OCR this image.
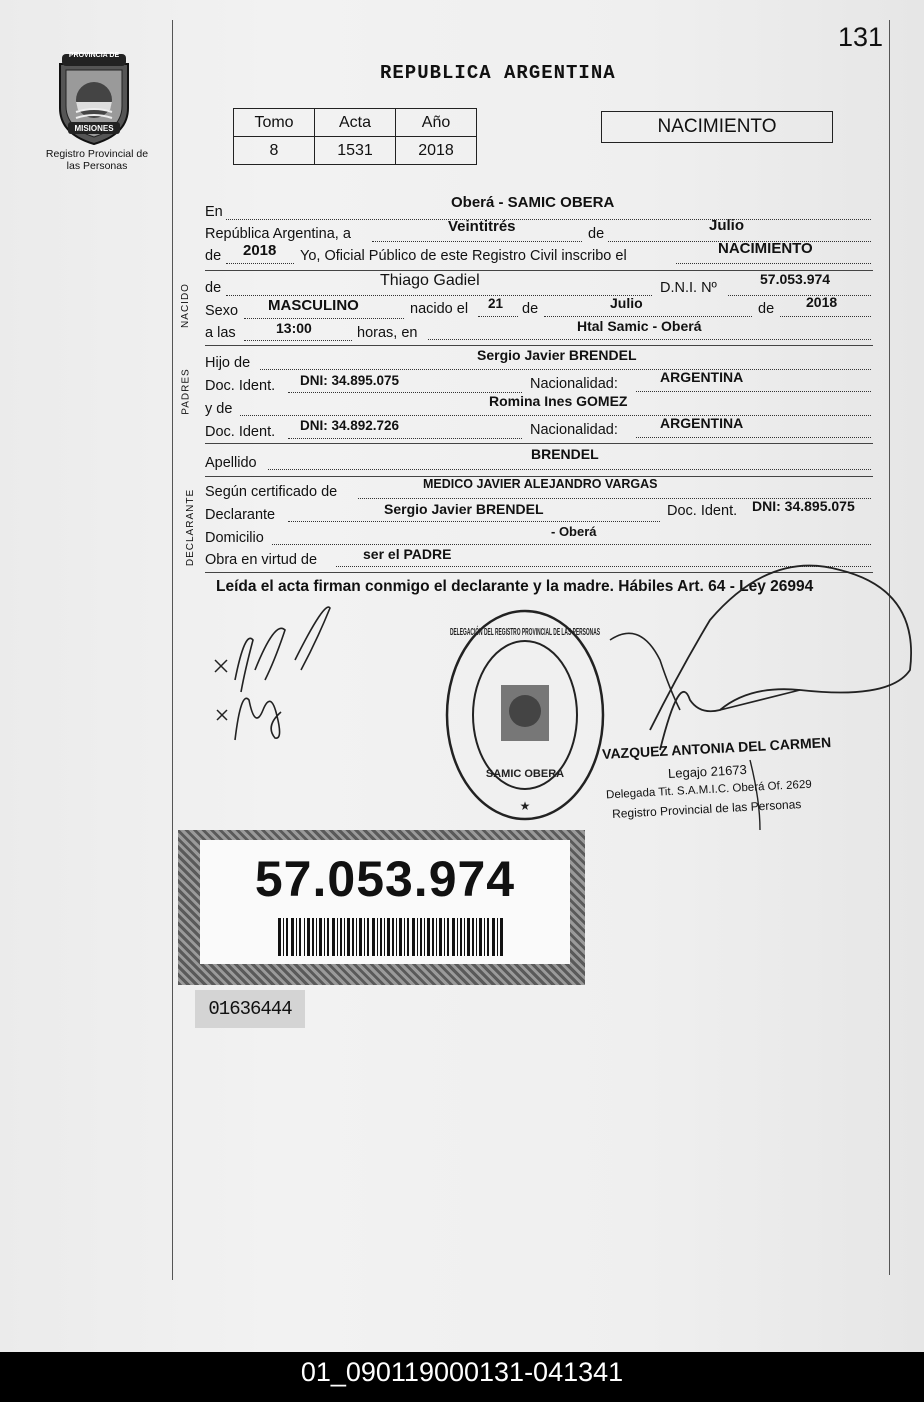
131
PROVINCIA DE
MISIONES
Registro Provincial de las Personas
REPUBLICA ARGENTINA
Tomo	Acta	Año
8	1531	2018
NACIMIENTO
En
Oberá - SAMIC OBERA
República Argentina, a	Veintitrés	de	Julio
de 2018 Yo, Oficial Público de este Registro Civil inscribo el	NACIMIENTO
NACIDO de	Thiago Gadiel	D.N.I. Nº
57.053.974
Sexo MASCULINO	nacido el 21 de	Julio	de 2018
a las	13:00	horas, en	Htal Samic - Oberá
PADRES
Hijo de	Sergio Javier BRENDEL
Doc. Ident. DNI: 34.895.075	Nacionalidad:	ARGENTINA
y de	Romina Ines GOMEZ
Doc. Ident. DNI: 34.892.726	Nacionalidad:	ARGENTINA
Apellido
BRENDEL
DECLARANTE Según certificado de	MEDICO JAVIER ALEJANDRO VARGAS
Declarante	Sergio Javier BRENDEL	Doc. Ident. DNI: 34.895.075
Domicilio	- Oberá
Obra en virtud de	ser el PADRE
Leída el acta firman conmigo el declarante y la madre. Hábiles Art. 64 - Ley 26994
★
SAMIC OBERA
DELEGACIÓN DEL REGISTRO PROVINCIAL DE LAS PERSONAS
VAZQUEZ ANTONIA DEL CARMEN
Legajo 21673
Delegada Tit. S.A.M.I.C. Oberá Of. 2629
Registro Provincial de las Personas
57.053.974
01636444
01_090119000131-041341
